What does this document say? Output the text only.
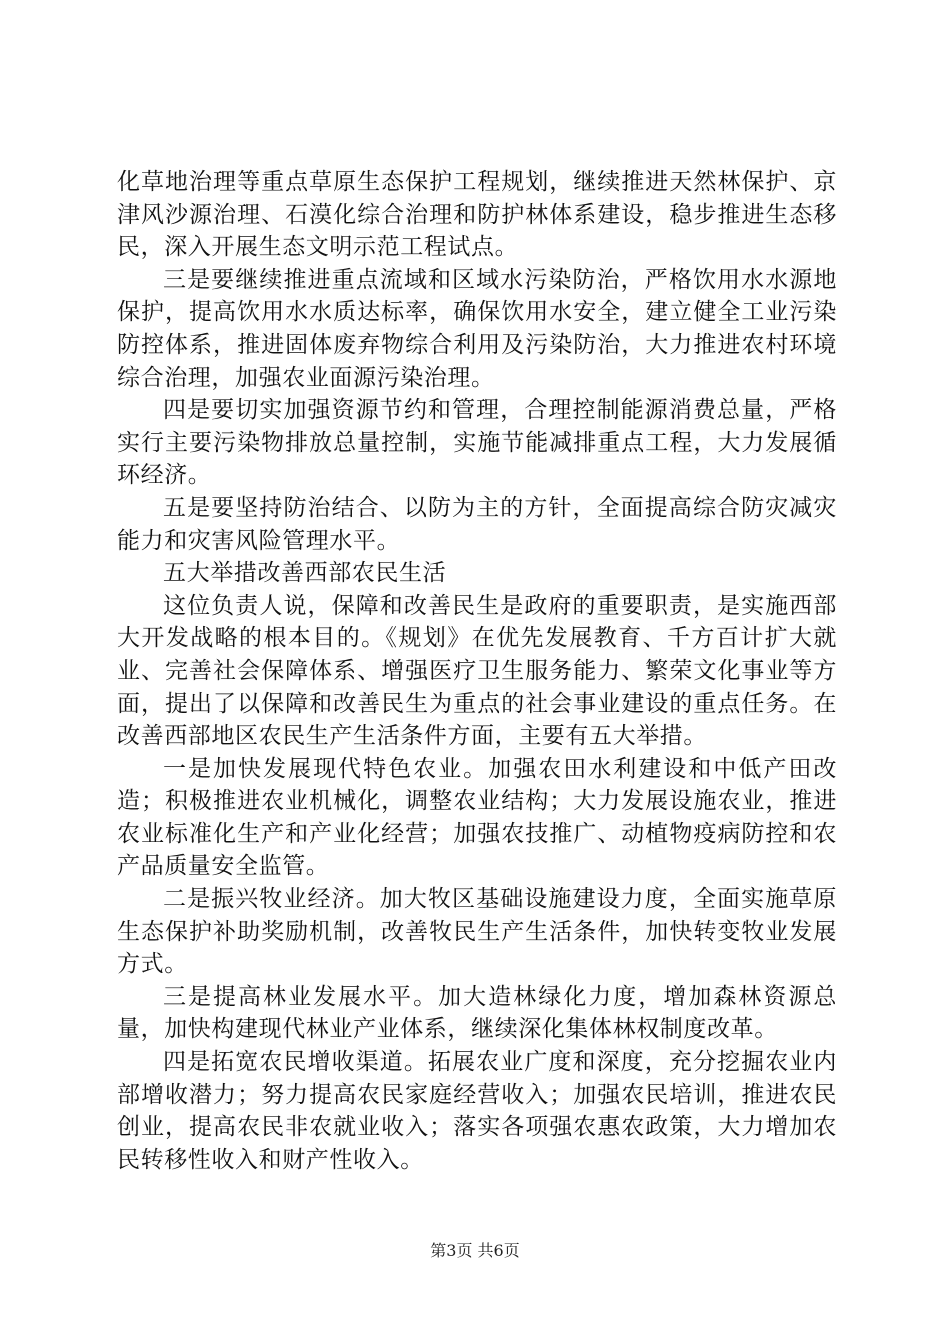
化草地治理等重点草原生态保护工程规划，继续推进天然林保护、京津风沙源治理、石漠化综合治理和防护林体系建设，稳步推进生态移民，深入开展生态文明示范工程试点。

三是要继续推进重点流域和区域水污染防治，严格饮用水水源地保护，提高饮用水水质达标率，确保饮用水安全，建立健全工业污染防控体系，推进固体废弃物综合利用及污染防治，大力推进农村环境综合治理，加强农业面源污染治理。

四是要切实加强资源节约和管理，合理控制能源消费总量，严格实行主要污染物排放总量控制，实施节能减排重点工程，大力发展循环经济。

五是要坚持防治结合、以防为主的方针，全面提高综合防灾减灾能力和灾害风险管理水平。

五大举措改善西部农民生活

这位负责人说，保障和改善民生是政府的重要职责，是实施西部大开发战略的根本目的。《规划》在优先发展教育、千方百计扩大就业、完善社会保障体系、增强医疗卫生服务能力、繁荣文化事业等方面，提出了以保障和改善民生为重点的社会事业建设的重点任务。在改善西部地区农民生产生活条件方面，主要有五大举措。

一是加快发展现代特色农业。加强农田水利建设和中低产田改造；积极推进农业机械化，调整农业结构；大力发展设施农业，推进农业标准化生产和产业化经营；加强农技推广、动植物疫病防控和农产品质量安全监管。

二是振兴牧业经济。加大牧区基础设施建设力度，全面实施草原生态保护补助奖励机制，改善牧民生产生活条件，加快转变牧业发展方式。

三是提高林业发展水平。加大造林绿化力度，增加森林资源总量，加快构建现代林业产业体系，继续深化集体林权制度改革。

四是拓宽农民增收渠道。拓展农业广度和深度，充分挖掘农业内部增收潜力；努力提高农民家庭经营收入；加强农民培训，推进农民创业，提高农民非农就业收入；落实各项强农惠农政策，大力增加农民转移性收入和财产性收入。

第3页 共6页
